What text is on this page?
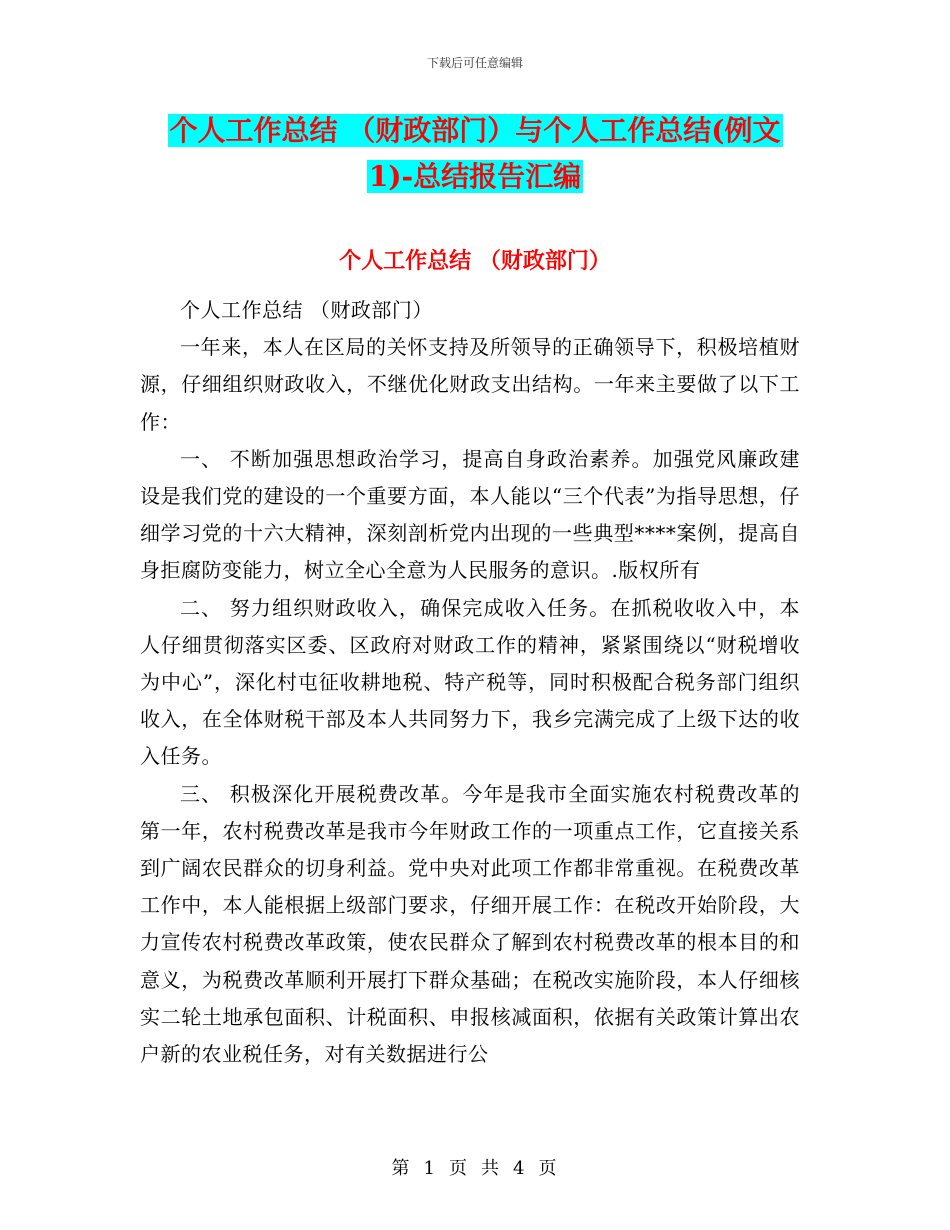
下载后可任意编辑
个人工作总结 （财政部门）与个人工作总结(例文
1)-总结报告汇编
个人工作总结 （财政部门）

个人工作总结 （财政部门）

一年来，本人在区局的关怀支持及所领导的正确领导下，积极培植财源，仔细组织财政收入，不继优化财政支出结构。一年来主要做了以下工作：

一、 不断加强思想政治学习，提高自身政治素养。加强党风廉政建设是我们党的建设的一个重要方面，本人能以“三个代表”为指导思想，仔细学习党的十六大精神，深刻剖析党内出现的一些典型****案例，提高自身拒腐防变能力，树立全心全意为人民服务的意识。.版权所有

二、 努力组织财政收入，确保完成收入任务。在抓税收收入中，本人仔细贯彻落实区委、区政府对财政工作的精神，紧紧围绕以“财税增收为中心”，深化村屯征收耕地税、特产税等，同时积极配合税务部门组织收入，在全体财税干部及本人共同努力下，我乡完满完成了上级下达的收入任务。

三、 积极深化开展税费改革。今年是我市全面实施农村税费改革的第一年，农村税费改革是我市今年财政工作的一项重点工作，它直接关系到广阔农民群众的切身利益。党中央对此项工作都非常重视。在税费改革工作中，本人能根据上级部门要求，仔细开展工作：在税改开始阶段，大力宣传农村税费改革政策，使农民群众了解到农村税费改革的根本目的和意义，为税费改革顺利开展打下群众基础；在税改实施阶段，本人仔细核实二轮土地承包面积、计税面积、申报核减面积，依据有关政策计算出农户新的农业税任务，对有关数据进行公

第 1 页 共 4 页
